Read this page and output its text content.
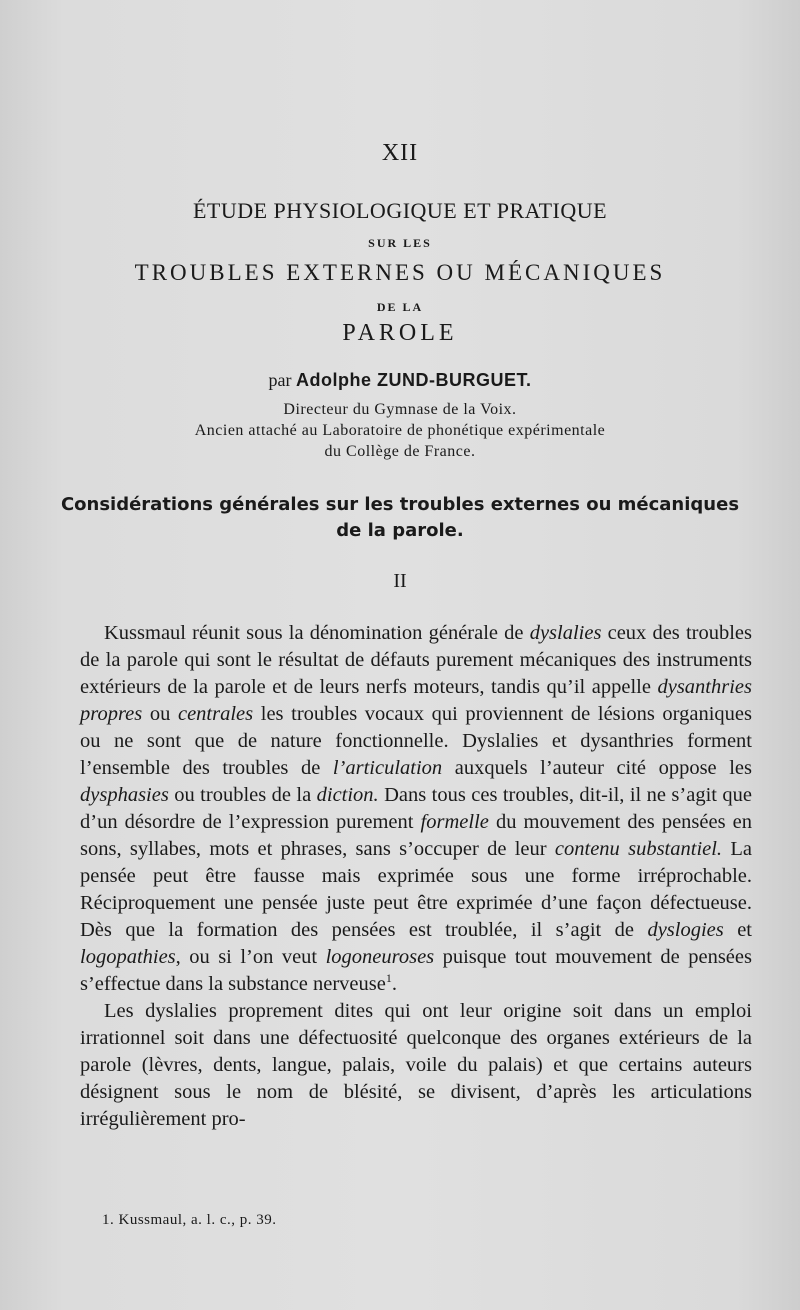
XII
ÉTUDE PHYSIOLOGIQUE ET PRATIQUE
SUR LES
TROUBLES EXTERNES OU MÉCANIQUES
DE LA
PAROLE
par Adolphe ZUND-BURGUET.
Directeur du Gymnase de la Voix.
Ancien attaché au Laboratoire de phonétique expérimentale
du Collège de France.
Considérations générales sur les troubles externes ou mécaniques
de la parole.
II

Kussmaul réunit sous la dénomination générale de dyslalies ceux des troubles de la parole qui sont le résultat de défauts purement mécaniques des instruments extérieurs de la parole et de leurs nerfs moteurs, tandis qu’il appelle dysanthries propres ou centrales les troubles vocaux qui proviennent de lésions organiques ou ne sont que de nature fonctionnelle. Dyslalies et dysanthries forment l’ensemble des troubles de l’articulation auxquels l’auteur cité oppose les dysphasies ou troubles de la diction. Dans tous ces troubles, dit-il, il ne s’agit que d’un désordre de l’expression purement formelle du mouvement des pensées en sons, syllabes, mots et phrases, sans s’occuper de leur contenu substantiel. La pensée peut être fausse mais exprimée sous une forme irréprochable. Réciproquement une pensée juste peut être exprimée d’une façon défectueuse. Dès que la formation des pensées est troublée, il s’agit de dyslogies et logopathies, ou si l’on veut logoneuroses puisque tout mouvement de pensées s’effectue dans la substance nerveuse$^1$.

Les dyslalies proprement dites qui ont leur origine soit dans un emploi irrationnel soit dans une défectuosité quelconque des organes extérieurs de la parole (lèvres, dents, langue, palais, voile du palais) et que certains auteurs désignent sous le nom de blésité, se divisent, d’après les articulations irrégulièrement pro-

1. Kussmaul, a. l. c., p. 39.
